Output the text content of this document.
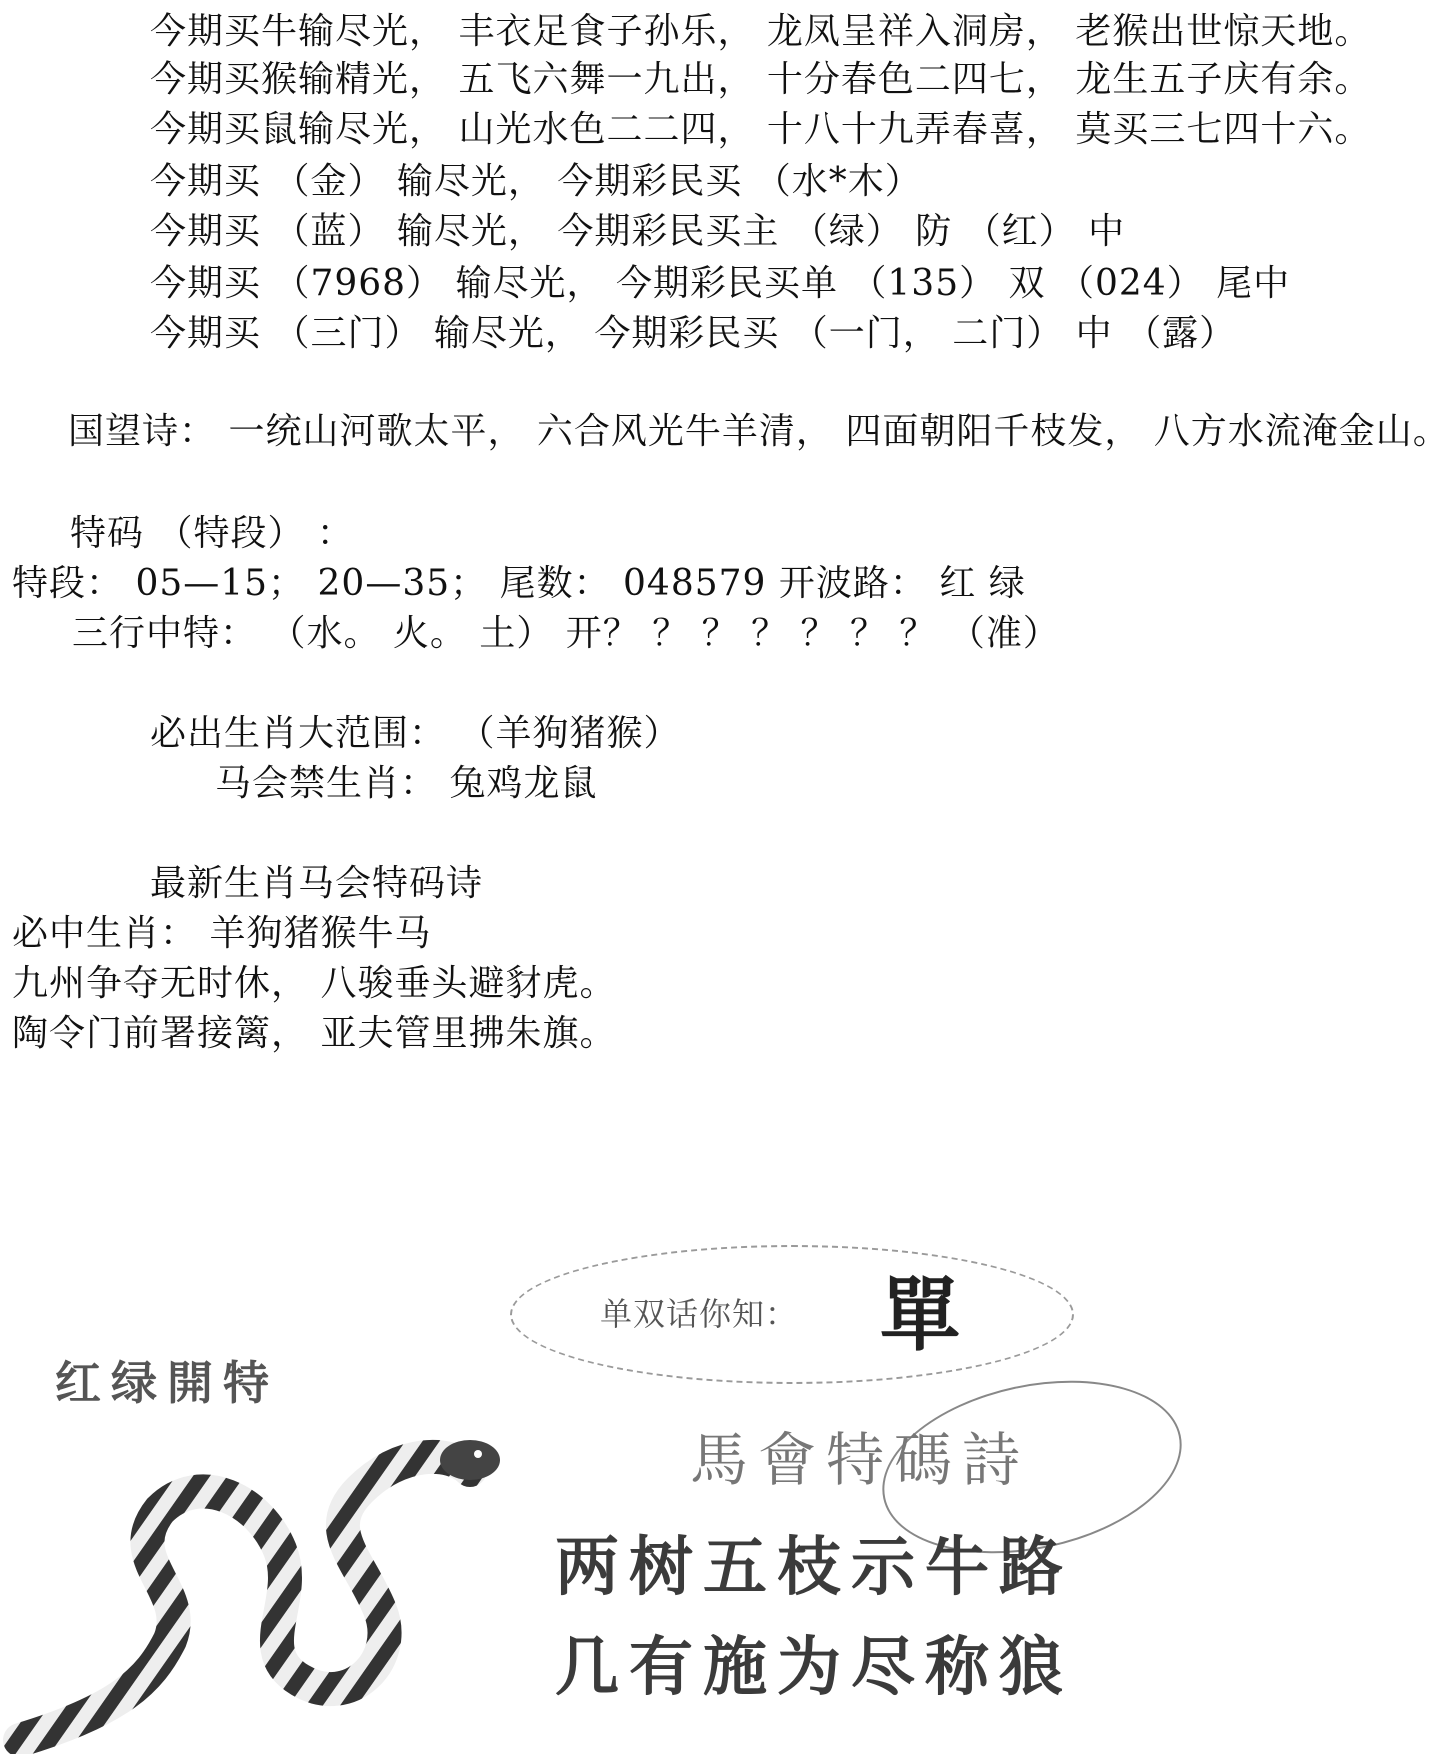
今期买牛输尽光， 丰衣足食子孙乐， 龙凤呈祥入洞房， 老猴出世惊天地。
今期买猴输精光， 五飞六舞一九出， 十分春色二四七， 龙生五子庆有余。
今期买鼠输尽光， 山光水色二二四， 十八十九弄春喜， 莫买三七四十六。
今期买 （金） 输尽光， 今期彩民买 （水*木）
今期买 （蓝） 输尽光， 今期彩民买主 （绿） 防 （红） 中
今期买 （7968） 输尽光， 今期彩民买单 （135） 双 （024） 尾中
今期买 （三门） 输尽光， 今期彩民买 （一门， 二门） 中 （露）
国望诗： 一统山河歌太平， 六合风光牛羊清， 四面朝阳千枝发， 八方水流淹金山。
特码 （特段） ：
特段： 05—15； 20—35； 尾数： 048579 开波路： 红 绿
三行中特： （水。 火。 土） 开？ ？ ？ ？ ？ ？ ？ （准）
必出生肖大范围： （羊狗猪猴）
马会禁生肖： 兔鸡龙鼠
最新生肖马会特码诗
必中生肖： 羊狗猪猴牛马
九州争夺无时休， 八骏垂头避豺虎。
陶令门前署接篱， 亚夫管里拂朱旗。
单双话你知： 單
红绿開特
馬會特碼詩
两树五枝示牛路
几有施为尽称狼
